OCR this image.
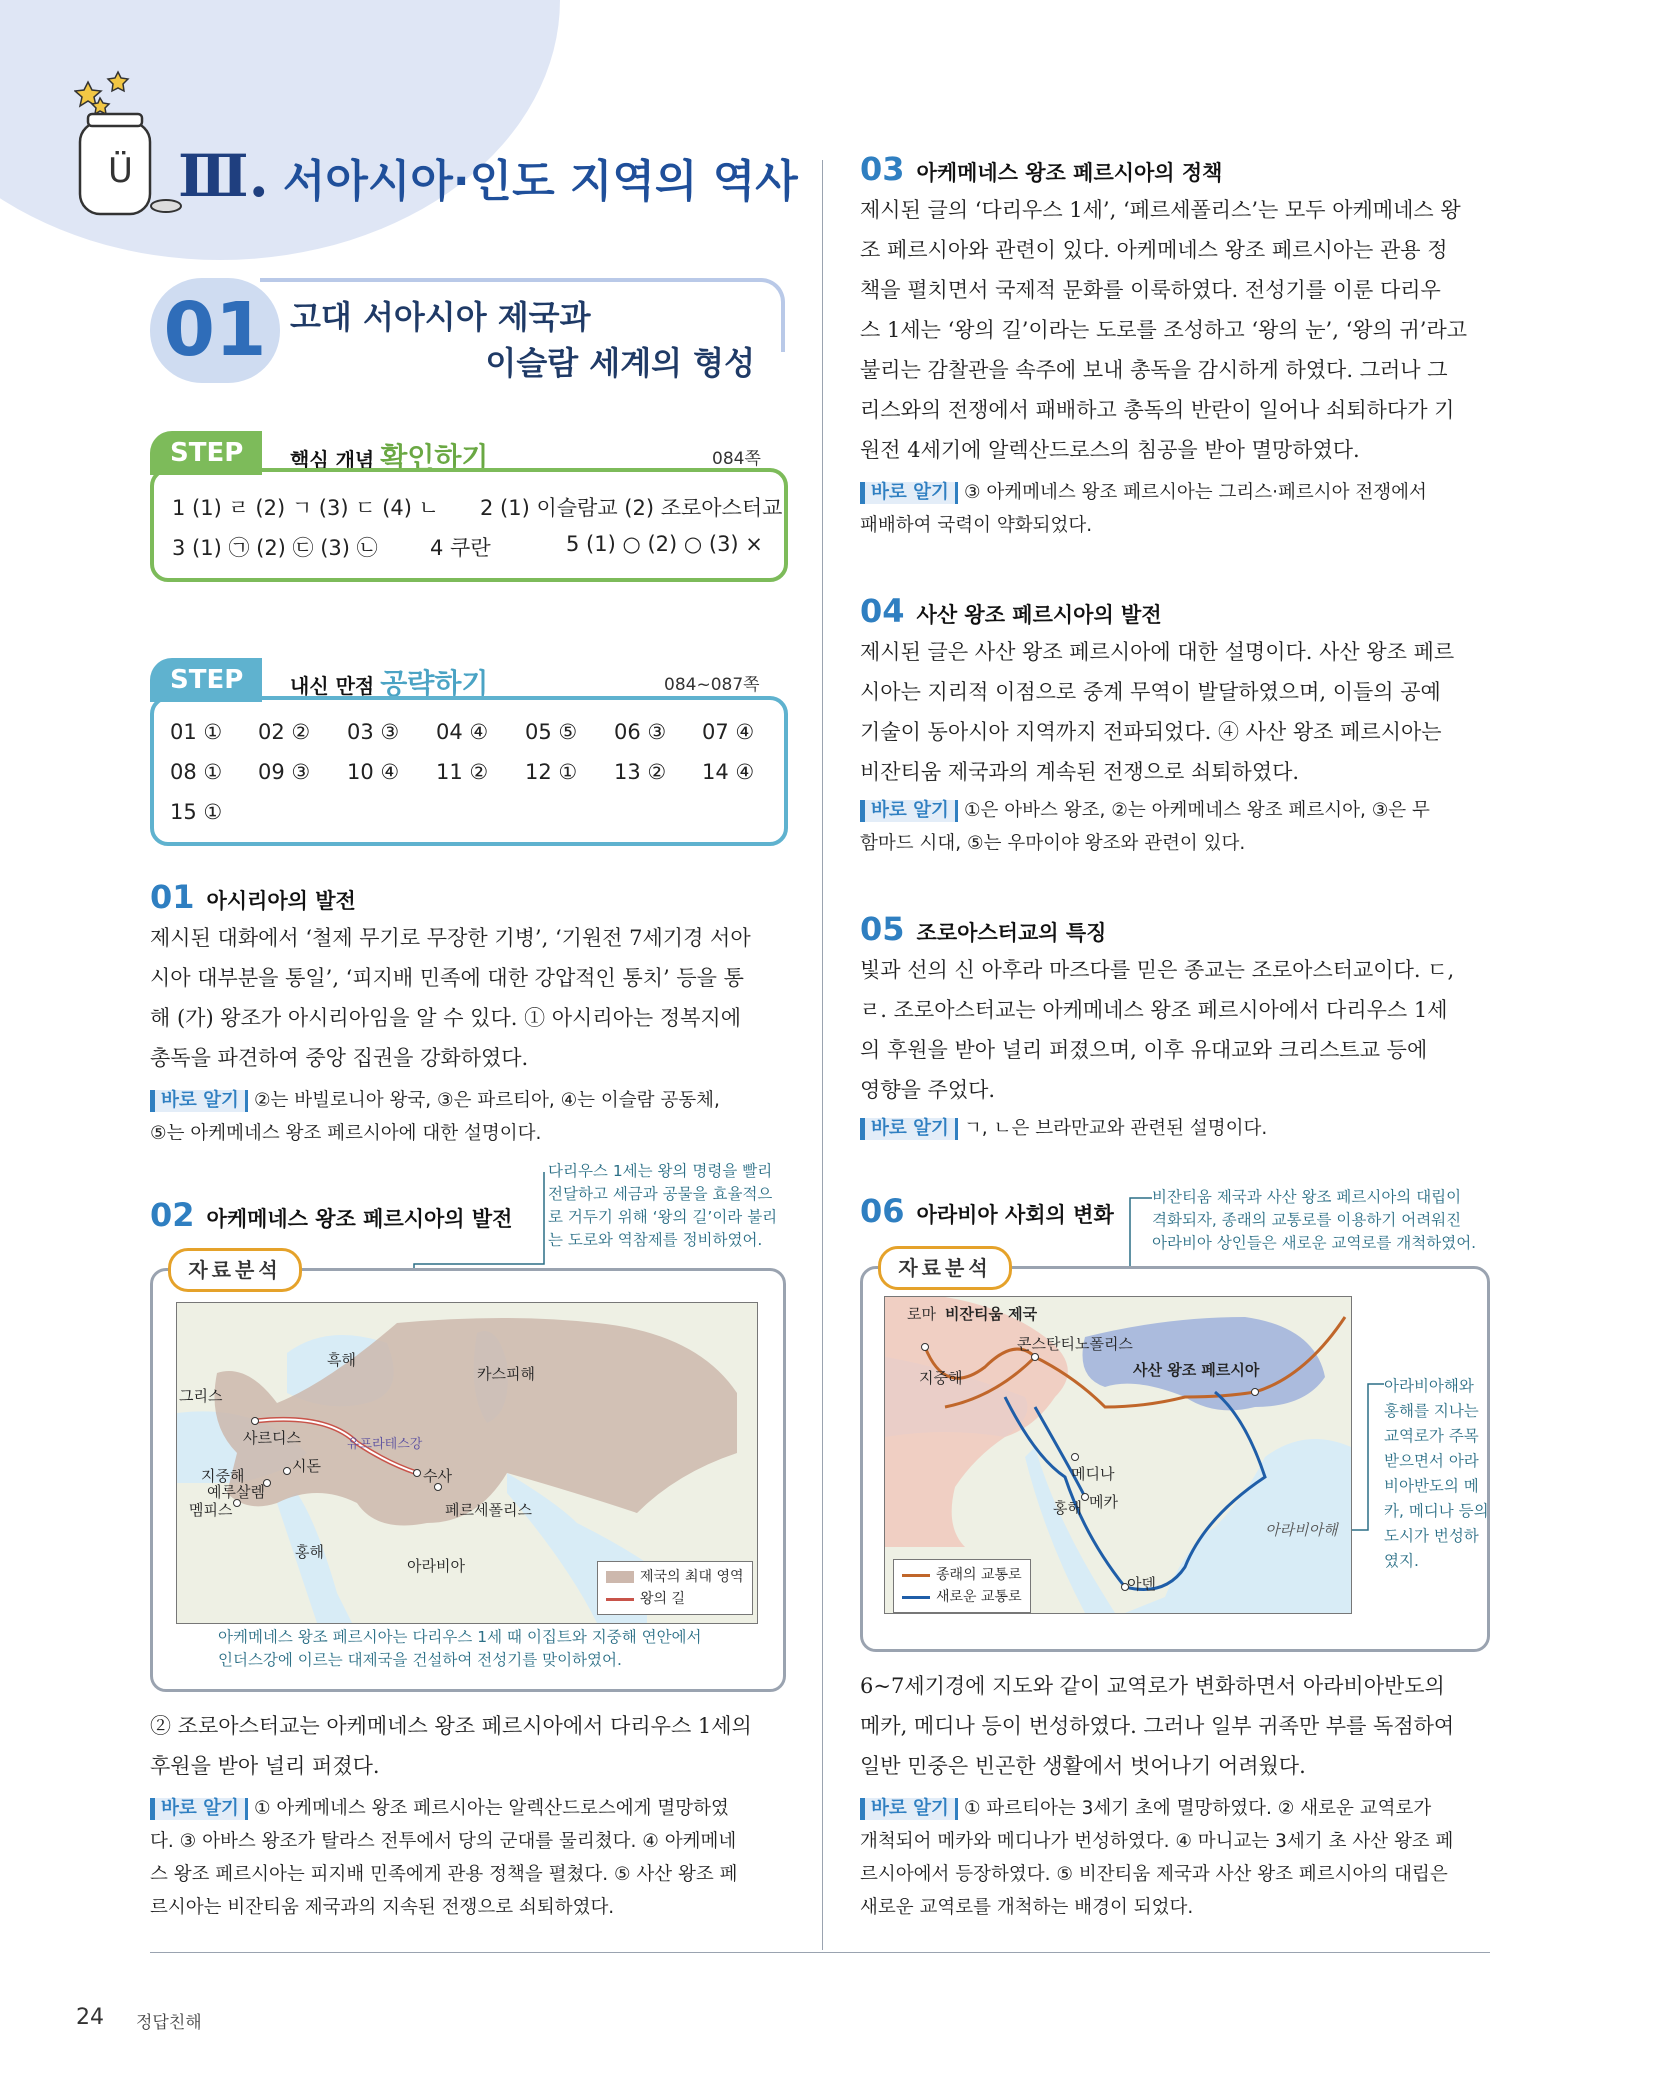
Ü Ⅲ. 서아시아·인도 지역의 역사
01 고대 서아시아 제국과
이슬람 세계의 형성
STEP 1
핵심 개념 확인하기	084쪽
1 (1) ㄹ (2) ㄱ (3) ㄷ (4) ㄴ 2 (1) 이슬람교 (2) 조로아스터교
3 (1) ㉠ (2) ㉢ (3) ㉡ 4 쿠란	5 (1) ○ (2) ○ (3) ×
STEP 2
내신 만점 공략하기	084~087쪽
01 ① 02 ② 03 ③ 04 ④ 05 ⑤ 06 ③ 07 ④
08 ① 09 ③ 10 ④ 11 ② 12 ① 13 ② 14 ④
15 ①
01 아시리아의 발전

제시된 대화에서 ‘철제 무기로 무장한 기병’, ‘기원전 7세기경 서아

시아 대부분을 통일’, ‘피지배 민족에 대한 강압적인 통치’ 등을 통

해 (가) 왕조가 아시리아임을 알 수 있다. ① 아시리아는 정복지에

총독을 파견하여 중앙 집권을 강화하였다.

바로 알기 ②는 바빌로니아 왕국, ③은 파르티아, ④는 이슬람 공동체,

⑤는 아케메네스 왕조 페르시아에 대한 설명이다.

02 아케메네스 왕조 페르시아의 발전

다리우스 1세는 왕의 명령을 빨리

전달하고 세금과 공물을 효율적으

로 거두기 위해 ‘왕의 길’이라 불리

는 도로와 역참제를 정비하였어.

자료분석
흑해
카스피해
그리스
사르디스
지중해
시돈
예루살렘
멤피스
수사
페르세폴리스
유프라테스강
홍해
아라비아
제국의 최대 영역
왕의 길

아케메네스 왕조 페르시아는 다리우스 1세 때 이집트와 지중해 연안에서

인더스강에 이르는 대제국을 건설하여 전성기를 맞이하였어.

② 조로아스터교는 아케메네스 왕조 페르시아에서 다리우스 1세의

후원을 받아 널리 퍼졌다.

바로 알기 ① 아케메네스 왕조 페르시아는 알렉산드로스에게 멸망하였

다. ③ 아바스 왕조가 탈라스 전투에서 당의 군대를 물리쳤다. ④ 아케메네

스 왕조 페르시아는 피지배 민족에게 관용 정책을 펼쳤다. ⑤ 사산 왕조 페

르시아는 비잔티움 제국과의 지속된 전쟁으로 쇠퇴하였다.

03 아케메네스 왕조 페르시아의 정책

제시된 글의 ‘다리우스 1세’, ‘페르세폴리스’는 모두 아케메네스 왕

조 페르시아와 관련이 있다. 아케메네스 왕조 페르시아는 관용 정

책을 펼치면서 국제적 문화를 이룩하였다. 전성기를 이룬 다리우

스 1세는 ‘왕의 길’이라는 도로를 조성하고 ‘왕의 눈’, ‘왕의 귀’라고

불리는 감찰관을 속주에 보내 총독을 감시하게 하였다. 그러나 그

리스와의 전쟁에서 패배하고 총독의 반란이 일어나 쇠퇴하다가 기

원전 4세기에 알렉산드로스의 침공을 받아 멸망하였다.

바로 알기 ③ 아케메네스 왕조 페르시아는 그리스·페르시아 전쟁에서

패배하여 국력이 약화되었다.

04 사산 왕조 페르시아의 발전

제시된 글은 사산 왕조 페르시아에 대한 설명이다. 사산 왕조 페르

시아는 지리적 이점으로 중계 무역이 발달하였으며, 이들의 공예

기술이 동아시아 지역까지 전파되었다. ④ 사산 왕조 페르시아는

비잔티움 제국과의 계속된 전쟁으로 쇠퇴하였다.

바로 알기 ①은 아바스 왕조, ②는 아케메네스 왕조 페르시아, ③은 무

함마드 시대, ⑤는 우마이야 왕조와 관련이 있다.

05 조로아스터교의 특징

빛과 선의 신 아후라 마즈다를 믿은 종교는 조로아스터교이다. ㄷ,

ㄹ. 조로아스터교는 아케메네스 왕조 페르시아에서 다리우스 1세

의 후원을 받아 널리 퍼졌으며, 이후 유대교와 크리스트교 등에

영향을 주었다.

바로 알기 ㄱ, ㄴ은 브라만교와 관련된 설명이다.

06 아라비아 사회의 변화

비잔티움 제국과 사산 왕조 페르시아의 대립이

격화되자, 종래의 교통로를 이용하기 어려워진

아라비아 상인들은 새로운 교역로를 개척하였어.

자료분석
로마 비잔티움 제국
콘스탄티노폴리스
사산 왕조 페르시아
지중해
메디나
메카
홍해
아라비아해
아덴
종래의 교통로
새로운 교통로

아라비아해와

홍해를 지나는

교역로가 주목

받으면서 아라

비아반도의 메

카, 메디나 등의

도시가 번성하

였지.

6~7세기경에 지도와 같이 교역로가 변화하면서 아라비아반도의

메카, 메디나 등이 번성하였다. 그러나 일부 귀족만 부를 독점하여

일반 민중은 빈곤한 생활에서 벗어나기 어려웠다.

바로 알기 ① 파르티아는 3세기 초에 멸망하였다. ② 새로운 교역로가

개척되어 메카와 메디나가 번성하였다. ④ 마니교는 3세기 초 사산 왕조 페

르시아에서 등장하였다. ⑤ 비잔티움 제국과 사산 왕조 페르시아의 대립은

새로운 교역로를 개척하는 배경이 되었다.

24 정답친해
